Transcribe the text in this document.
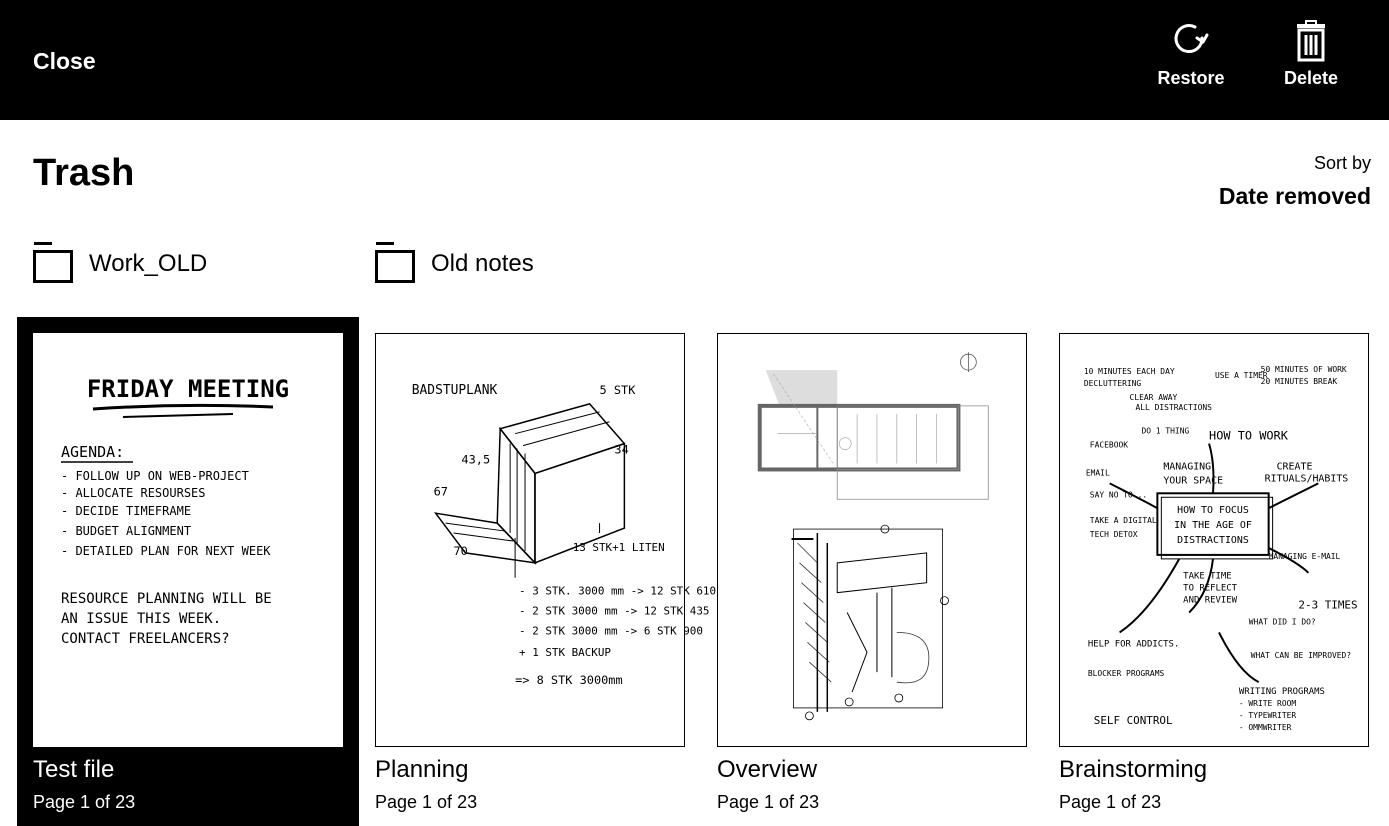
Close
Restore	Delete
Trash	Sort by
Date removed
Work_OLD	Old notes
FRIDAY MEETING
AGENDA:
- FOLLOW UP ON WEB-PROJECT
- ALLOCATE RESOURSES
- DECIDE TIMEFRAME
- BUDGET ALIGNMENT
- DETAILED PLAN FOR NEXT WEEK
RESOURCE PLANNING WILL BE
AN ISSUE THIS WEEK.
CONTACT FREELANCERS?
Test file
Page 1 of 23
BADSTUPLANK	5 STK
43,5
34
67
70	13 STK+1 LITEN
- 3 STK. 3000 mm -> 12 STK 610
- 2 STK 3000 mm -> 12 STK 435
- 2 STK 3000 mm -> 6 STK 900
+ 1 STK BACKUP
=> 8 STK 3000mm
Planning
Page 1 of 23
Overview
Page 1 of 23
10 MINUTES EACH DAY
DECLUTTERING
CLEAR AWAY
ALL DISTRACTIONS
USE A TIMER
50 MINUTES OF WORK
20 MINUTES BREAK
DO 1 THING HOW TO WORK
FACEBOOK
EMAIL
MANAGING
YOUR SPACE
CREATE
RITUALS/HABITS
SAY NO TO...
TAKE A DIGITAL
TECH DETOX
MANAGING E-MAIL
TAKE TIME
TO REFLECT
AND REVIEW	2-3 TIMES
WHAT DID I DO?
WHAT CAN BE IMPROVED?
HELP FOR ADDICTS.
BLOCKER PROGRAMS
SELF CONTROL
WRITING PROGRAMS
- WRITE ROOM
- TYPEWRITER
- OMMWRITER
HOW TO FOCUS
IN THE AGE OF
DISTRACTIONS
Brainstorming
Page 1 of 23
